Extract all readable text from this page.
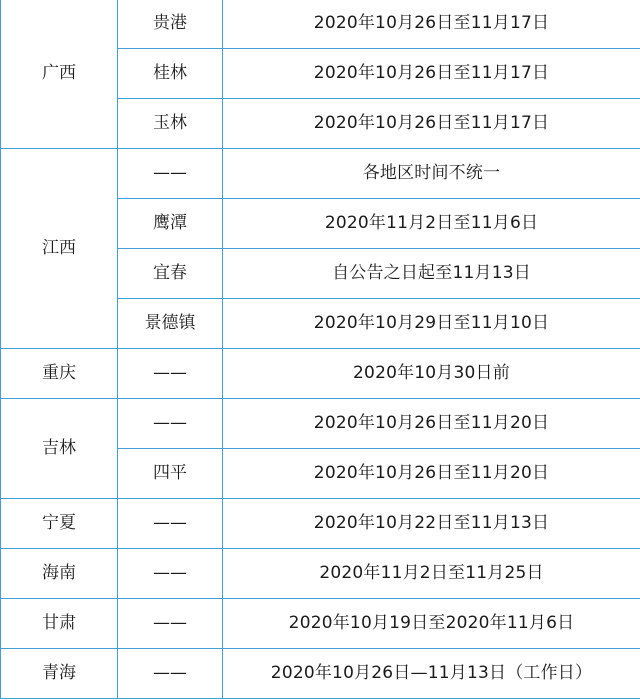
广西	贵港	2020年10月26日至11月17日
	桂林	2020年10月26日至11月17日
	玉林	2020年10月26日至11月17日
江西	——	各地区时间不统一
	鹰潭	2020年11月2日至11月6日
	宜春	自公告之日起至11月13日
	景德镇	2020年10月29日至11月10日
重庆	——	2020年10月30日前
吉林	——	2020年10月26日至11月20日
	四平	2020年10月26日至11月20日
宁夏	——	2020年10月22日至11月13日
海南	——	2020年11月2日至11月25日
甘肃	——	2020年10月19日至2020年11月6日
青海	——	2020年10月26日—11月13日（工作日）
